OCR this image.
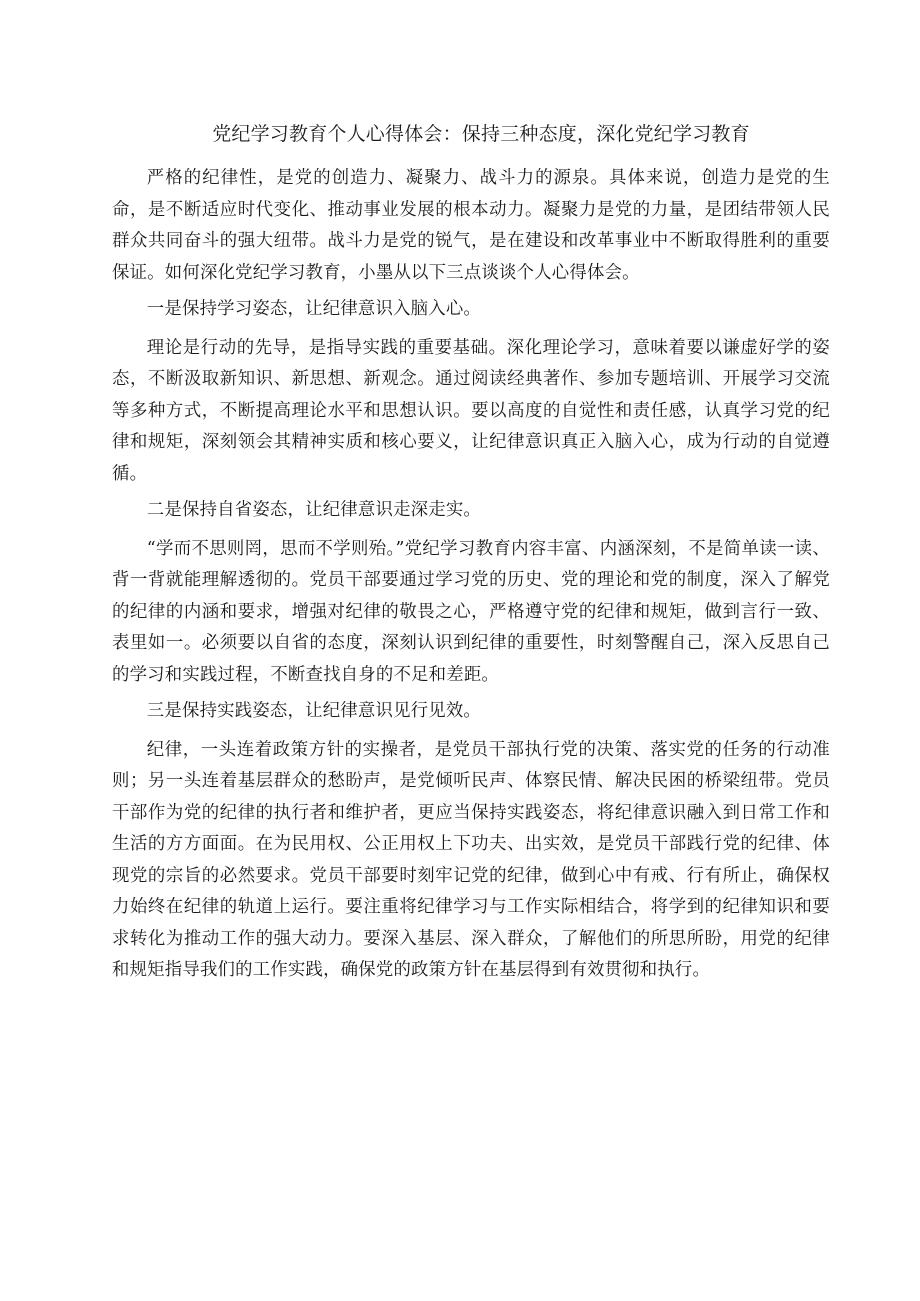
党纪学习教育个人心得体会：保持三种态度，深化党纪学习教育

严格的纪律性，是党的创造力、凝聚力、战斗力的源泉。具体来说，创造力是党的生命，是不断适应时代变化、推动事业发展的根本动力。凝聚力是党的力量，是团结带领人民群众共同奋斗的强大纽带。战斗力是党的锐气，是在建设和改革事业中不断取得胜利的重要保证。如何深化党纪学习教育，小墨从以下三点谈谈个人心得体会。

一是保持学习姿态，让纪律意识入脑入心。

理论是行动的先导，是指导实践的重要基础。深化理论学习，意味着要以谦虚好学的姿态，不断汲取新知识、新思想、新观念。通过阅读经典著作、参加专题培训、开展学习交流等多种方式，不断提高理论水平和思想认识。要以高度的自觉性和责任感，认真学习党的纪律和规矩，深刻领会其精神实质和核心要义，让纪律意识真正入脑入心，成为行动的自觉遵循。

二是保持自省姿态，让纪律意识走深走实。

“学而不思则罔，思而不学则殆。”党纪学习教育内容丰富、内涵深刻，不是简单读一读、背一背就能理解透彻的。党员干部要通过学习党的历史、党的理论和党的制度，深入了解党的纪律的内涵和要求，增强对纪律的敬畏之心，严格遵守党的纪律和规矩，做到言行一致、表里如一。必须要以自省的态度，深刻认识到纪律的重要性，时刻警醒自己，深入反思自己的学习和实践过程，不断查找自身的不足和差距。

三是保持实践姿态，让纪律意识见行见效。

纪律，一头连着政策方针的实操者，是党员干部执行党的决策、落实党的任务的行动准则；另一头连着基层群众的愁盼声，是党倾听民声、体察民情、解决民困的桥梁纽带。党员干部作为党的纪律的执行者和维护者，更应当保持实践姿态，将纪律意识融入到日常工作和生活的方方面面。在为民用权、公正用权上下功夫、出实效，是党员干部践行党的纪律、体现党的宗旨的必然要求。党员干部要时刻牢记党的纪律，做到心中有戒、行有所止，确保权力始终在纪律的轨道上运行。要注重将纪律学习与工作实际相结合，将学到的纪律知识和要求转化为推动工作的强大动力。要深入基层、深入群众，了解他们的所思所盼，用党的纪律和规矩指导我们的工作实践，确保党的政策方针在基层得到有效贯彻和执行。
